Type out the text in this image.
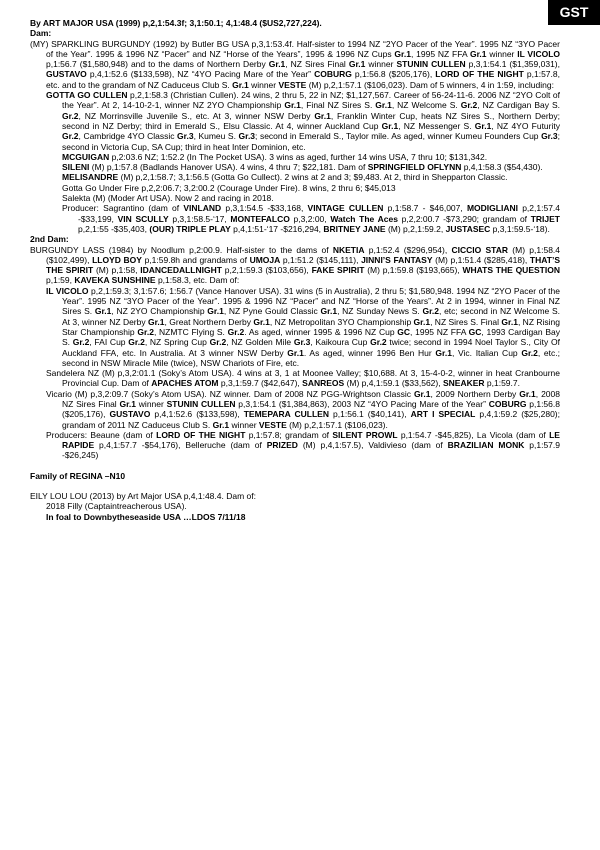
GST
By ART MAJOR USA (1999) p,2,1:54.3f; 3,1:50.1; 4,1:48.4 ($US2,727,224).
Dam:
(MY) SPARKLING BURGUNDY (1992) by Butler BG USA p,3,1:53.4f. Half-sister to 1994 NZ “2YO Pacer of the Year”. 1995 NZ “3YO Pacer of the Year”. 1995 & 1996 NZ “Pacer” and NZ “Horse of the Years”, 1995 & 1996 NZ Cups Gr.1, 1995 NZ FFA Gr.1 winner IL VICOLO p,1:56.7 ($1,580,948) and to the dams of Northern Derby Gr.1, NZ Sires Final Gr.1 winner STUNIN CULLEN p,3,1:54.1 ($1,359,031), GUSTAVO p,4,1:52.6 ($133,598), NZ “4YO Pacing Mare of the Year” COBURG p,1:56.8 ($205,176), LORD OF THE NIGHT p,1:57.8, etc. and to the grandam of NZ Caduceus Club S. Gr.1 winner VESTE (M) p,2,1:57.1 ($106,023). Dam of 5 winners, 4 in 1:59, including:
GOTTA GO CULLEN p,2,1:58.3 (Christian Cullen). 24 wins, 2 thru 5, 22 in NZ; $1,127,567. Career of 56-24-11-6. 2006 NZ “2YO Colt of the Year”. At 2, 14-10-2-1, winner NZ 2YO Championship Gr.1, Final NZ Sires S. Gr.1, NZ Welcome S. Gr.2, NZ Cardigan Bay S. Gr.2, NZ Morrinsville Juvenile S., etc. At 3, winner NSW Derby Gr.1, Franklin Winter Cup, heats NZ Sires S., Northern Derby; second in NZ Derby; third in Emerald S., Elsu Classic. At 4, winner Auckland Cup Gr.1, NZ Messenger S. Gr.1, NZ 4YO Futurity Gr.2, Cambridge 4YO Classic Gr.3, Kumeu S. Gr.3; second in Emerald S., Taylor mile. As aged, winner Kumeu Founders Cup Gr.3; second in Victoria Cup, SA Cup; third in heat Inter Dominion, etc.
MCGUIGAN p,2:03.6 NZ; 1:52.2 (In The Pocket USA). 3 wins as aged, further 14 wins USA, 7 thru 10; $131,342.
SILENI (M) p,1:57.8 (Badlands Hanover USA). 4 wins, 4 thru 7; $22,181. Dam of SPRINGFIELD OFLYNN p,4,1:58.3 ($54,430).
MELISANDRE (M) p,2,1:58.7; 3,1:56.5 (Gotta Go Cullect). 2 wins at 2 and 3; $9,483. At 2, third in Shepparton Classic.
Gotta Go Under Fire p,2,2:06.7; 3,2:00.2 (Courage Under Fire). 8 wins, 2 thru 6; $45,013
Salekta (M) (Moder Art USA). Now 2 and racing in 2018.
Producer: Sagrantino (dam of VINLAND p,3,1:54.5 -$33,168, VINTAGE CULLEN p,1:58.7 - $46,007, MODIGLIANI p,2,1:57.4 -$33,199, VIN SCULLY p,3,1:58.5-‘17, MONTEFALCO p,3,2:00, Watch The Aces p,2,2:00.7 -$73,290; grandam of TRIJET p,2,1:55 -$35,403, (OUR) TRIPLE PLAY p,4,1:51-‘17 -$216,294, BRITNEY JANE (M) p,2,1:59.2, JUSTASEC p,3,1:59.5-‘18).
2nd Dam:
BURGUNDY LASS (1984) by Noodlum p,2:00.9. Half-sister to the dams of NKETIA p,1:52.4 ($296,954), CICCIO STAR (M) p,1:58.4 ($102,499), LLOYD BOY p,1:59.8h and grandams of UMOJA p,1:51.2 ($145,111), JINNI’S FANTASY (M) p,1:51.4 ($285,418), THAT’S THE SPIRIT (M) p,1:58, IDANCEDALLNIGHT p,2,1:59.3 ($103,656), FAKE SPIRIT (M) p,1:59.8 ($193,665), WHATS THE QUESTION p,1:59, KAVEKA SUNSHINE p,1:58.3, etc. Dam of:
IL VICOLO p,2,1:59.3; 3,1:57.6; 1:56.7 (Vance Hanover USA). 31 wins (5 in Australia), 2 thru 5; $1,580,948. 1994 NZ “2YO Pacer of the Year”. 1995 NZ “3YO Pacer of the Year”. 1995 & 1996 NZ “Pacer” and NZ “Horse of the Years”. At 2 in 1994, winner in Final NZ Sires S. Gr.1, NZ 2YO Championship Gr.1, NZ Pyne Gould Classic Gr.1, NZ Sunday News S. Gr.2, etc; second in NZ Welcome S. At 3, winner NZ Derby Gr.1, Great Northern Derby Gr.1, NZ Metropolitan 3YO Championship Gr.1, NZ Sires S. Final Gr.1, NZ Rising Star Championship Gr.2, NZMTC Flying S. Gr.2. As aged, winner 1995 & 1996 NZ Cup GC, 1995 NZ FFA GC, 1993 Cardigan Bay S. Gr.2, FAI Cup Gr.2, NZ Spring Cup Gr.2, NZ Golden Mile Gr.3, Kaikoura Cup Gr.2 twice; second in 1994 Noel Taylor S., City Of Auckland FFA, etc. In Australia. At 3 winner NSW Derby Gr.1. As aged, winner 1996 Ben Hur Gr.1, Vic. Italian Cup Gr.2, etc.; second in NSW Miracle Mile (twice), NSW Chariots of Fire, etc.
Sandelera NZ (M) p,3,2:01.1 (Soky’s Atom USA). 4 wins at 3, 1 at Moonee Valley; $10,688. At 3, 15-4-0-2, winner in heat Cranbourne Provincial Cup. Dam of APACHES ATOM p,3,1:59.7 ($42,647), SANREOS (M) p,4,1:59.1 ($33,562), SNEAKER p,1:59.7.
Vicario (M) p,3,2:09.7 (Soky’s Atom USA). NZ winner. Dam of 2008 NZ PGG-Wrightson Classic Gr.1, 2009 Northern Derby Gr.1, 2008 NZ Sires Final Gr.1 winner STUNIN CULLEN p,3,1:54.1 ($1,384,863), 2003 NZ “4YO Pacing Mare of the Year” COBURG p,1:56.8 ($205,176), GUSTAVO p,4,1:52.6 ($133,598), TEMEPARA CULLEN p,1:56.1 ($40,141), ART I SPECIAL p,4,1:59.2 ($25,280); grandam of 2011 NZ Caduceus Club S. Gr.1 winner VESTE (M) p,2,1:57.1 ($106,023).
Producers: Beaune (dam of LORD OF THE NIGHT p,1:57.8; grandam of SILENT PROWL p,1:54.7 -$45,825), La Vicola (dam of LE RAPIDE p,4,1:57.7 -$54,176), Belleruche (dam of PRIZED (M) p,4,1:57.5), Valdivieso (dam of BRAZILIAN MONK p,1:57.9 -$26,245)
Family of REGINA –N10
EILY LOU LOU (2013) by Art Major USA p,4,1:48.4. Dam of:
2018 Filly (Captaintreacherous USA).
In foal to Downbytheseaside USA …LDOS 7/11/18
